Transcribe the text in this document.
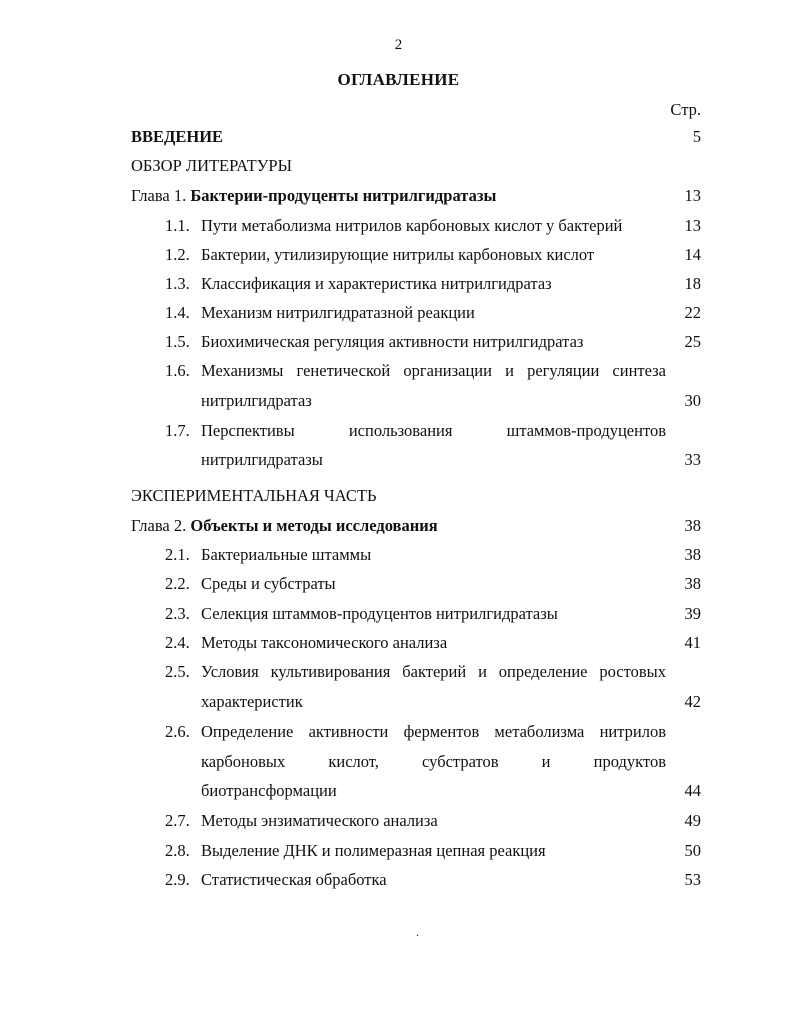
2
ОГЛАВЛЕНИЕ
Стр.
ВВЕДЕНИЕ	5
ОБЗОР ЛИТЕРАТУРЫ
Глава 1. Бактерии-продуценты нитрилгидратазы	13
1.1. Пути метаболизма нитрилов карбоновых кислот у бактерий	13
1.2. Бактерии, утилизирующие нитрилы карбоновых кислот	14
1.3. Классификация и характеристика нитрилгидратаз	18
1.4. Механизм нитрилгидратазной реакции	22
1.5. Биохимическая регуляция активности нитрилгидратаз	25
1.6. Механизмы генетической организации и регуляции синтеза
нитрилгидратаз	30
1.7. Перспективы использования штаммов-продуцентов
нитрилгидратазы	33
ЭКСПЕРИМЕНТАЛЬНАЯ ЧАСТЬ
Глава 2. Объекты и методы исследования	38
2.1. Бактериальные штаммы	38
2.2. Среды и субстраты	38
2.3. Селекция штаммов-продуцентов нитрилгидратазы	39
2.4. Методы таксономического анализа	41
2.5. Условия культивирования бактерий и определение ростовых
характеристик	42
2.6. Определение активности ферментов метаболизма нитрилов
карбоновых кислот, субстратов и продуктов
биотрансформации	44
2.7. Методы энзиматического анализа	49
2.8. Выделение ДНК и полимеразная цепная реакция	50
2.9. Статистическая обработка	53
.
